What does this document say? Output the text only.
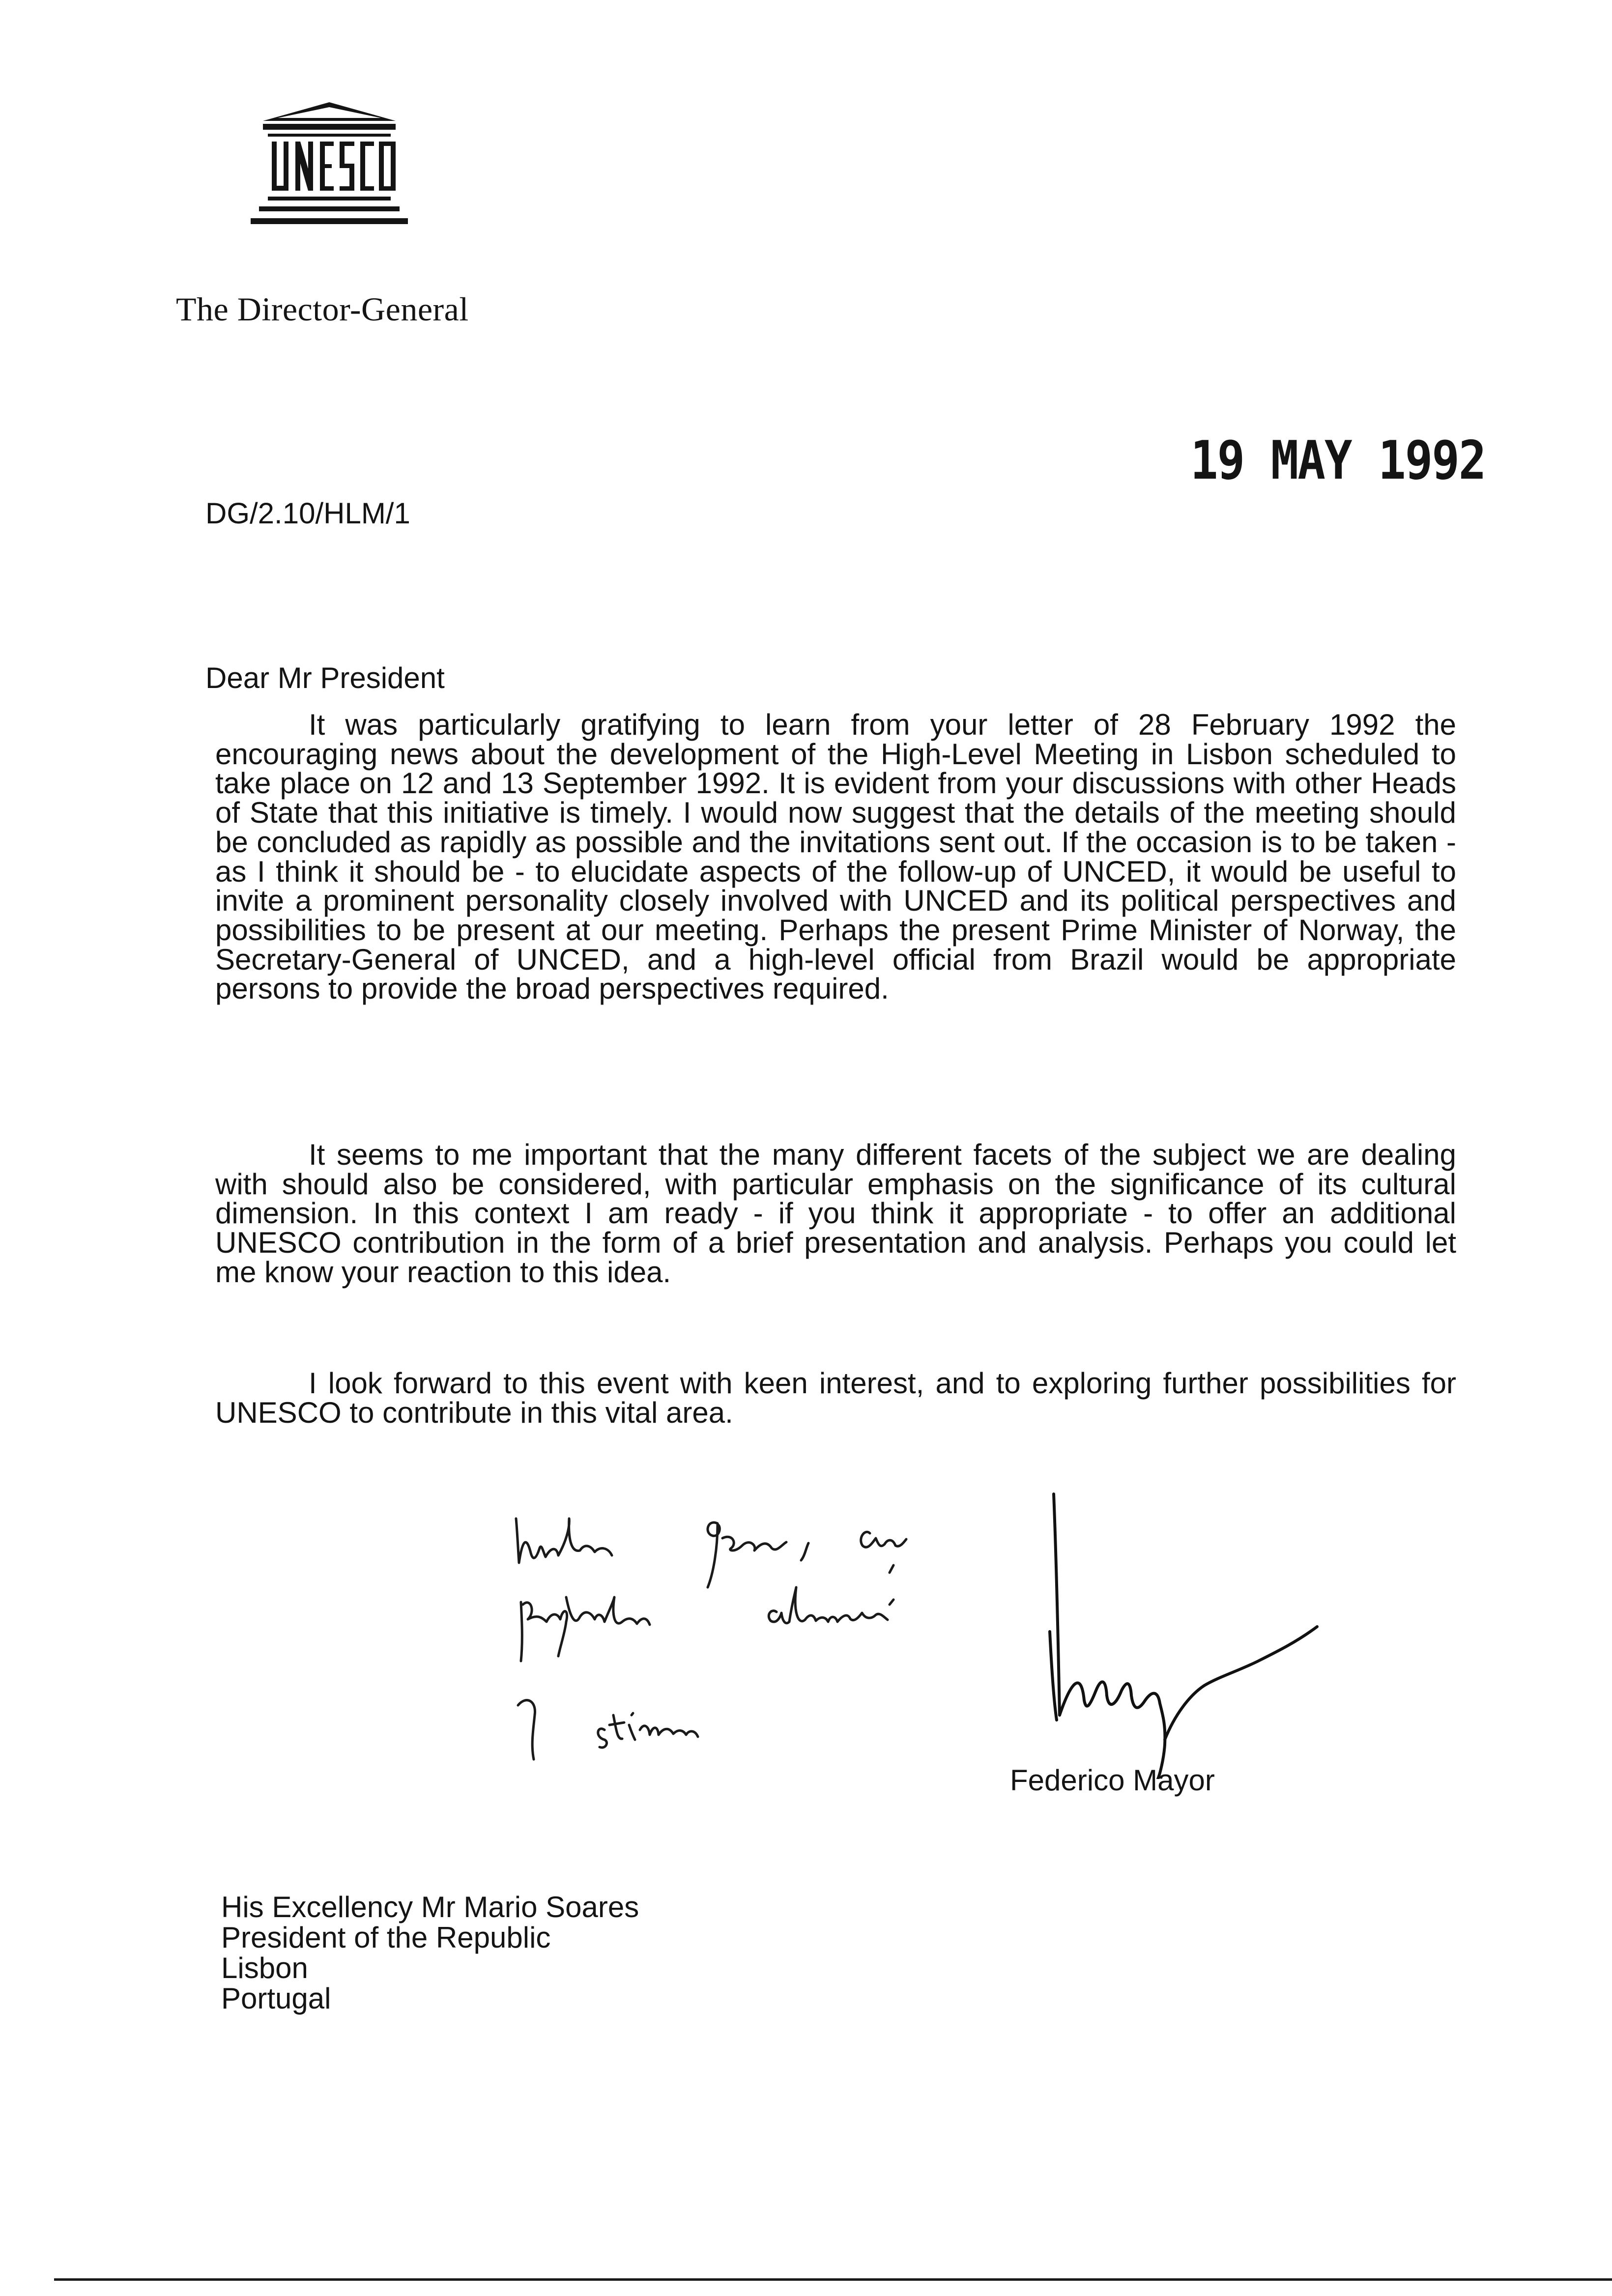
The Director-General
19 MAY 1992
DG/2.10/HLM/1
Dear Mr President

It was particularly gratifying to learn from your letter of 28 February 1992 the encouraging news about the development of the High-Level Meeting in Lisbon scheduled to take place on 12 and 13 September 1992. It is evident from your discussions with other Heads of State that this initiative is timely. I would now suggest that the details of the meeting should be concluded as rapidly as possible and the invitations sent out. If the occasion is to be taken - as I think it should be - to elucidate aspects of the follow-up of UNCED, it would be useful to invite a prominent personality closely involved with UNCED and its political perspectives and possibilities to be present at our meeting. Perhaps the present Prime Minister of Norway, the Secretary-General of UNCED, and a high-level official from Brazil would be appropriate persons to provide the broad perspectives required.

It seems to me important that the many different facets of the subject we are dealing with should also be considered, with particular emphasis on the significance of its cultural dimension. In this context I am ready - if you think it appropriate - to offer an additional UNESCO contribution in the form of a brief presentation and analysis. Perhaps you could let me know your reaction to this idea.

I look forward to this event with keen interest, and to exploring further possibilities for UNESCO to contribute in this vital area.

Federico Mayor
His Excellency Mr Mario Soares
President of the Republic
Lisbon
Portugal
